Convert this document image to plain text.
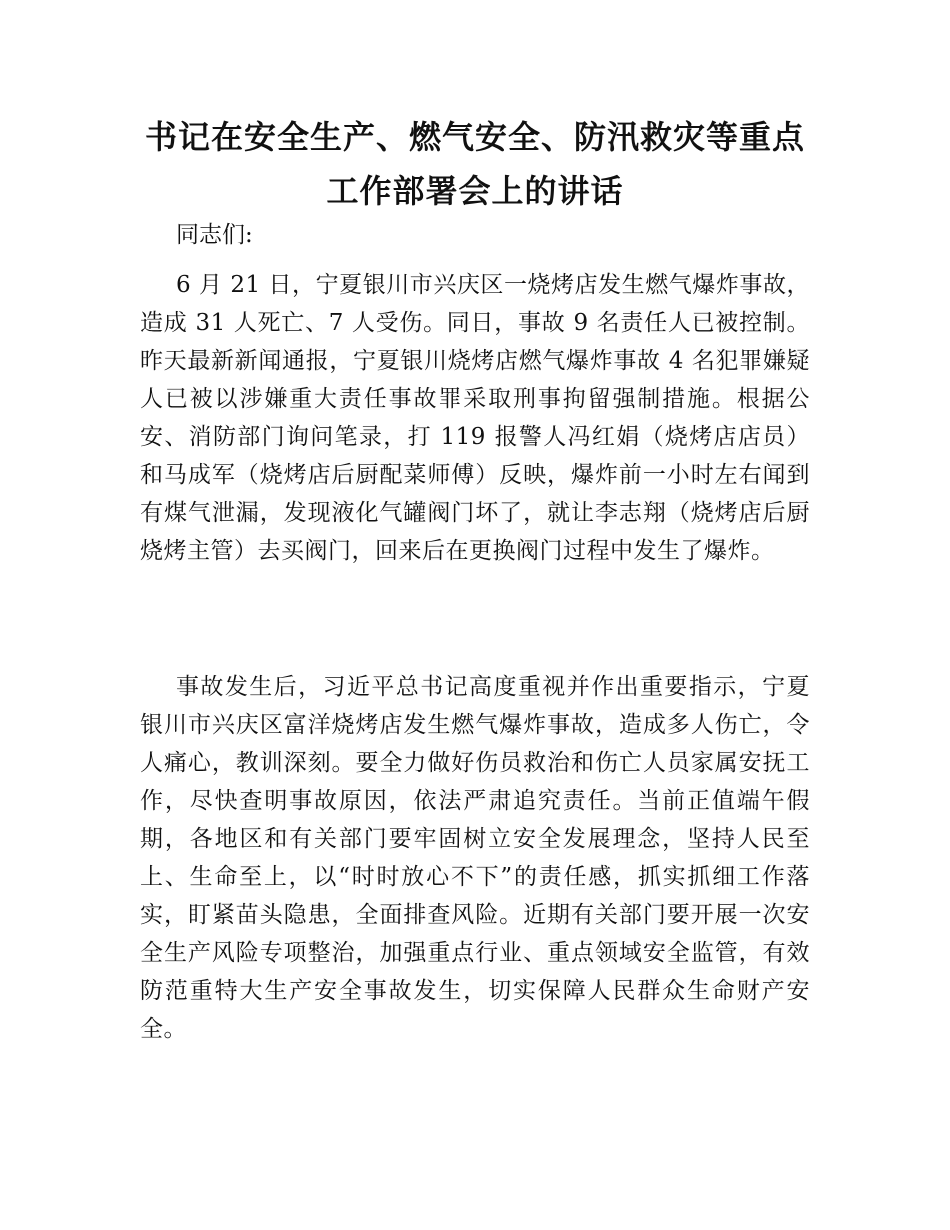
书记在安全生产、燃气安全、防汛救灾等重点
工作部署会上的讲话

同志们:

6 月 21 日，宁夏银川市兴庆区一烧烤店发生燃气爆炸事故，造成 31 人死亡、7 人受伤。同日，事故 9 名责任人已被控制。昨天最新新闻通报，宁夏银川烧烤店燃气爆炸事故 4 名犯罪嫌疑人已被以涉嫌重大责任事故罪采取刑事拘留强制措施。根据公安、消防部门询问笔录，打 119 报警人冯红娟（烧烤店店员）和马成军（烧烤店后厨配菜师傅）反映，爆炸前一小时左右闻到有煤气泄漏，发现液化气罐阀门坏了，就让李志翔（烧烤店后厨烧烤主管）去买阀门，回来后在更换阀门过程中发生了爆炸。

事故发生后，习近平总书记高度重视并作出重要指示，宁夏银川市兴庆区富洋烧烤店发生燃气爆炸事故，造成多人伤亡，令人痛心，教训深刻。要全力做好伤员救治和伤亡人员家属安抚工作，尽快查明事故原因，依法严肃追究责任。当前正值端午假期，各地区和有关部门要牢固树立安全发展理念，坚持人民至上、生命至上，以“时时放心不下”的责任感，抓实抓细工作落实，盯紧苗头隐患，全面排查风险。近期有关部门要开展一次安全生产风险专项整治，加强重点行业、重点领域安全监管，有效防范重特大生产安全事故发生，切实保障人民群众生命财产安全。
